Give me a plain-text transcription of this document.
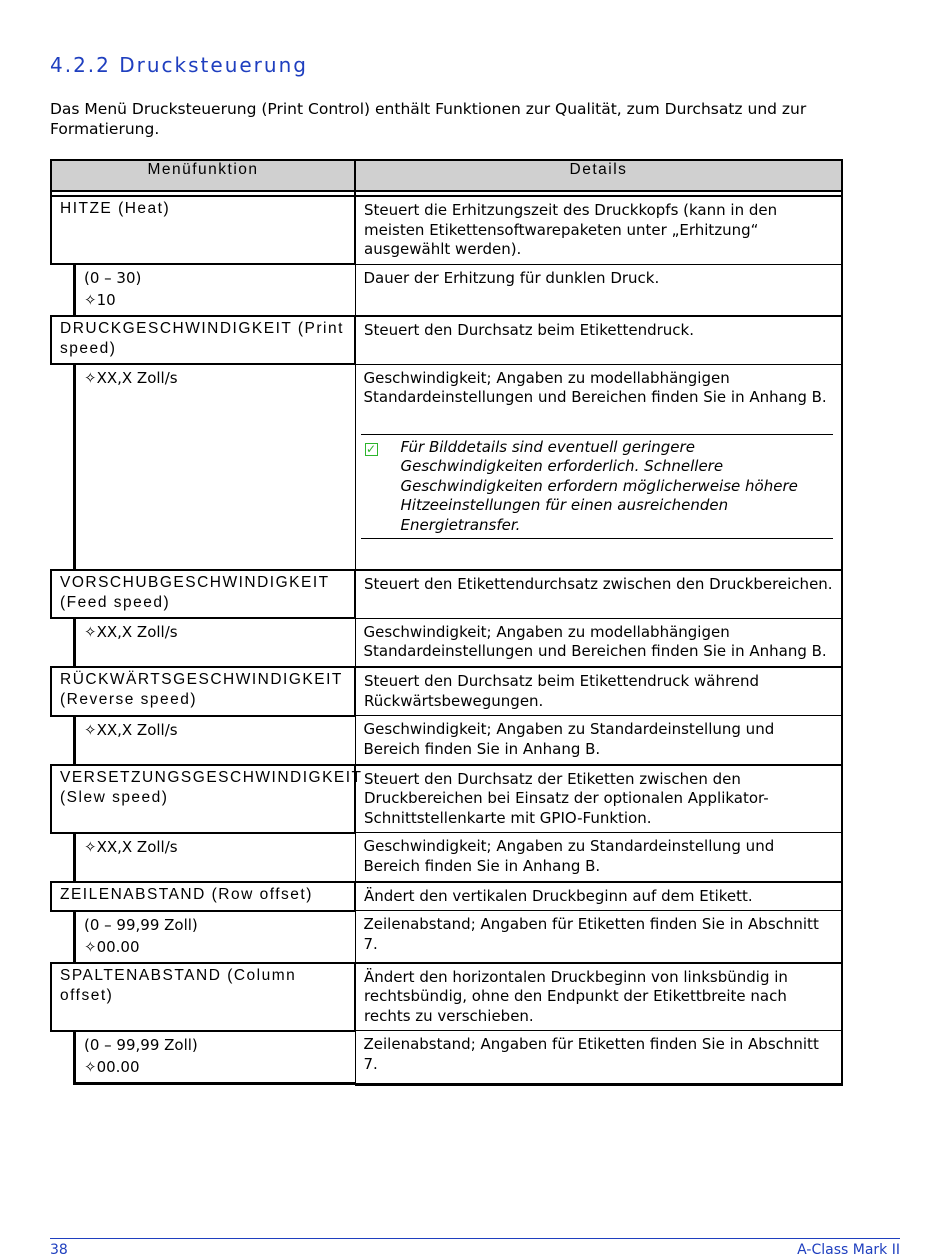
4.2.2 Drucksteuerung

Das Menü Drucksteuerung (Print Control) enthält Funktionen zur Qualität, zum Durchsatz und zur Formatierung.

Menüfunktion	Details

HITZE (Heat)	Steuert die Erhitzungszeit des Druckkopfs (kann in den meisten Etikettensoftwarepaketen unter „Erhitzung“ ausgewählt werden).

(0 – 30)
✧10	Dauer der Erhitzung für dunklen Druck.

DRUCKGESCHWINDIGKEIT (Print speed)	Steuert den Durchsatz beim Etikettendruck.

✧XX,X Zoll/s	Geschwindigkeit; Angaben zu modellabhängigen Standardeinstellungen und Bereichen finden Sie in Anhang B.
✓ Für Bilddetails sind eventuell geringere Geschwindigkeiten erforderlich. Schnellere Geschwindigkeiten erfordern möglicherweise höhere Hitzeeinstellungen für einen ausreichenden Energietransfer.

VORSCHUBGESCHWINDIGKEIT (Feed speed)	Steuert den Etikettendurchsatz zwischen den Druckbereichen.

✧XX,X Zoll/s	Geschwindigkeit; Angaben zu modellabhängigen Standardeinstellungen und Bereichen finden Sie in Anhang B.

RÜCKWÄRTSGESCHWINDIGKEIT (Reverse speed)	Steuert den Durchsatz beim Etikettendruck während Rückwärtsbewegungen.

✧XX,X Zoll/s	Geschwindigkeit; Angaben zu Standardeinstellung und Bereich finden Sie in Anhang B.

VERSETZUNGSGESCHWINDIGKEIT (Slew speed)	Steuert den Durchsatz der Etiketten zwischen den Druckbereichen bei Einsatz der optionalen Applikator-Schnittstellenkarte mit GPIO-Funktion.

✧XX,X Zoll/s	Geschwindigkeit; Angaben zu Standardeinstellung und Bereich finden Sie in Anhang B.

ZEILENABSTAND (Row offset)	Ändert den vertikalen Druckbeginn auf dem Etikett.

(0 – 99,99 Zoll)
✧00.00	Zeilenabstand; Angaben für Etiketten finden Sie in Abschnitt 7.

SPALTENABSTAND (Column offset)	Ändert den horizontalen Druckbeginn von linksbündig in rechtsbündig, ohne den Endpunkt der Etikettbreite nach rechts zu verschieben.

(0 – 99,99 Zoll)
✧00.00	Zeilenabstand; Angaben für Etiketten finden Sie in Abschnitt 7.
38	A-Class Mark II
